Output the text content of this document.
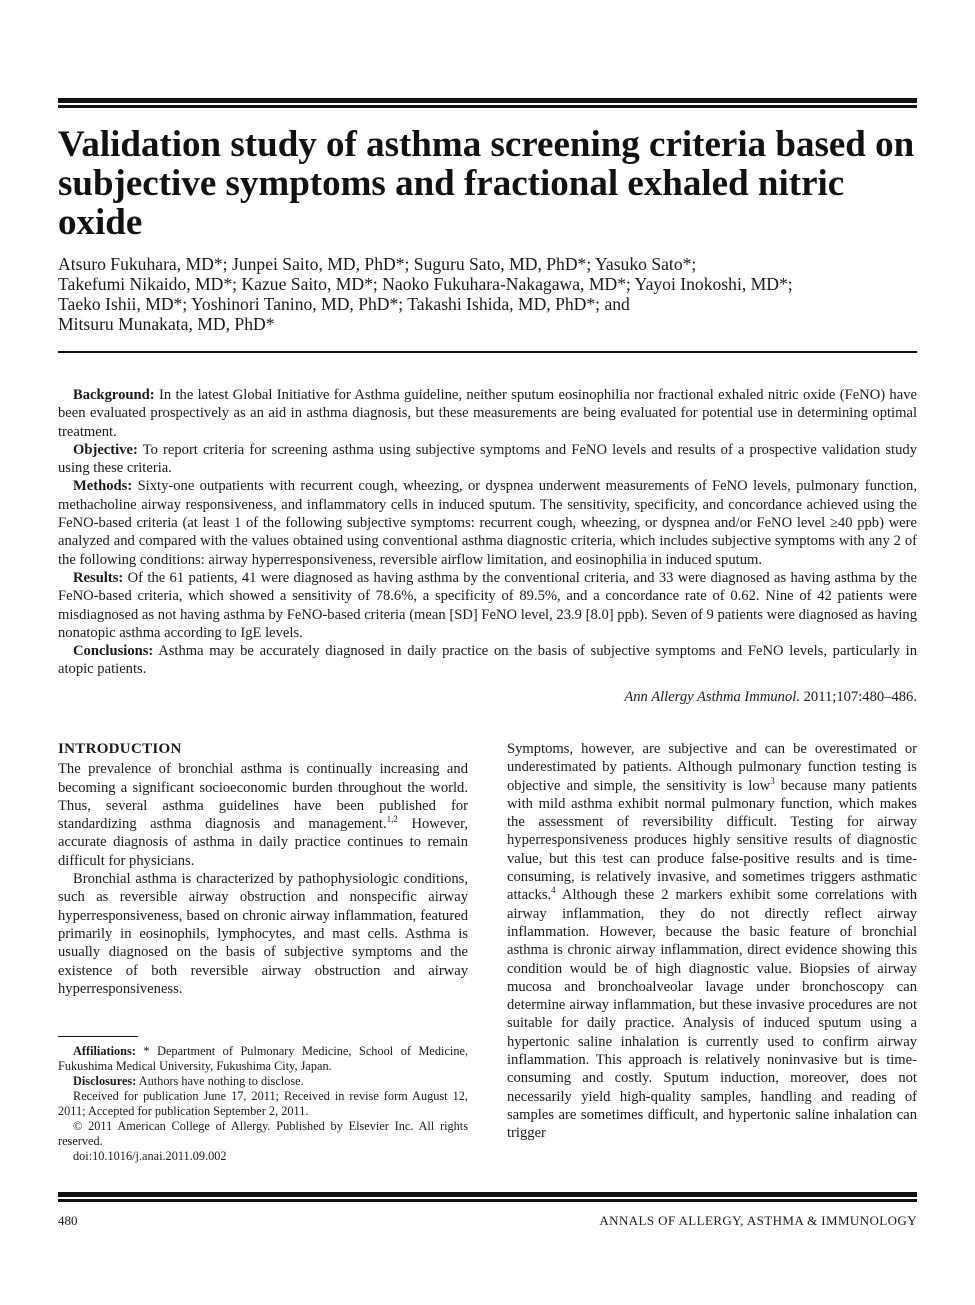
Validation study of asthma screening criteria based on subjective symptoms and fractional exhaled nitric oxide
Atsuro Fukuhara, MD*; Junpei Saito, MD, PhD*; Suguru Sato, MD, PhD*; Yasuko Sato*;
Takefumi Nikaido, MD*; Kazue Saito, MD*; Naoko Fukuhara-Nakagawa, MD*; Yayoi Inokoshi, MD*;
Taeko Ishii, MD*; Yoshinori Tanino, MD, PhD*; Takashi Ishida, MD, PhD*; and
Mitsuru Munakata, MD, PhD*

Background: In the latest Global Initiative for Asthma guideline, neither sputum eosinophilia nor fractional exhaled nitric oxide (FeNO) have been evaluated prospectively as an aid in asthma diagnosis, but these measurements are being evaluated for potential use in determining optimal treatment.

Objective: To report criteria for screening asthma using subjective symptoms and FeNO levels and results of a prospective validation study using these criteria.

Methods: Sixty-one outpatients with recurrent cough, wheezing, or dyspnea underwent measurements of FeNO levels, pulmonary function, methacholine airway responsiveness, and inflammatory cells in induced sputum. The sensitivity, specificity, and concordance achieved using the FeNO-based criteria (at least 1 of the following subjective symptoms: recurrent cough, wheezing, or dyspnea and/or FeNO level ≥40 ppb) were analyzed and compared with the values obtained using conventional asthma diagnostic criteria, which includes subjective symptoms with any 2 of the following conditions: airway hyperresponsiveness, reversible airflow limitation, and eosinophilia in induced sputum.

Results: Of the 61 patients, 41 were diagnosed as having asthma by the conventional criteria, and 33 were diagnosed as having asthma by the FeNO-based criteria, which showed a sensitivity of 78.6%, a specificity of 89.5%, and a concordance rate of 0.62. Nine of 42 patients were misdiagnosed as not having asthma by FeNO-based criteria (mean [SD] FeNO level, 23.9 [8.0] ppb). Seven of 9 patients were diagnosed as having nonatopic asthma according to IgE levels.

Conclusions: Asthma may be accurately diagnosed in daily practice on the basis of subjective symptoms and FeNO levels, particularly in atopic patients.

Ann Allergy Asthma Immunol. 2011;107:480–486.

INTRODUCTION

The prevalence of bronchial asthma is continually increasing and becoming a significant socioeconomic burden throughout the world. Thus, several asthma guidelines have been published for standardizing asthma diagnosis and management.$^{1,2}$ However, accurate diagnosis of asthma in daily practice continues to remain difficult for physicians.

Bronchial asthma is characterized by pathophysiologic conditions, such as reversible airway obstruction and nonspecific airway hyperresponsiveness, based on chronic airway inflammation, featured primarily in eosinophils, lymphocytes, and mast cells. Asthma is usually diagnosed on the basis of subjective symptoms and the existence of both reversible airway obstruction and airway hyperresponsiveness.

Affiliations: * Department of Pulmonary Medicine, School of Medicine, Fukushima Medical University, Fukushima City, Japan.

Disclosures: Authors have nothing to disclose.

Received for publication June 17, 2011; Received in revise form August 12, 2011; Accepted for publication September 2, 2011.

© 2011 American College of Allergy. Published by Elsevier Inc. All rights reserved.

doi:10.1016/j.anai.2011.09.002

Symptoms, however, are subjective and can be overestimated or underestimated by patients. Although pulmonary function testing is objective and simple, the sensitivity is low$^3$ because many patients with mild asthma exhibit normal pulmonary function, which makes the assessment of reversibility difficult. Testing for airway hyperresponsiveness produces highly sensitive results of diagnostic value, but this test can produce false-positive results and is time-consuming, is relatively invasive, and sometimes triggers asthmatic attacks.$^4$ Although these 2 markers exhibit some correlations with airway inflammation, they do not directly reflect airway inflammation. However, because the basic feature of bronchial asthma is chronic airway inflammation, direct evidence showing this condition would be of high diagnostic value. Biopsies of airway mucosa and bronchoalveolar lavage under bronchoscopy can determine airway inflammation, but these invasive procedures are not suitable for daily practice. Analysis of induced sputum using a hypertonic saline inhalation is currently used to confirm airway inflammation. This approach is relatively noninvasive but is time-consuming and costly. Sputum induction, moreover, does not necessarily yield high-quality samples, handling and reading of samples are sometimes difficult, and hypertonic saline inhalation can trigger

480	ANNALS OF ALLERGY, ASTHMA & IMMUNOLOGY
